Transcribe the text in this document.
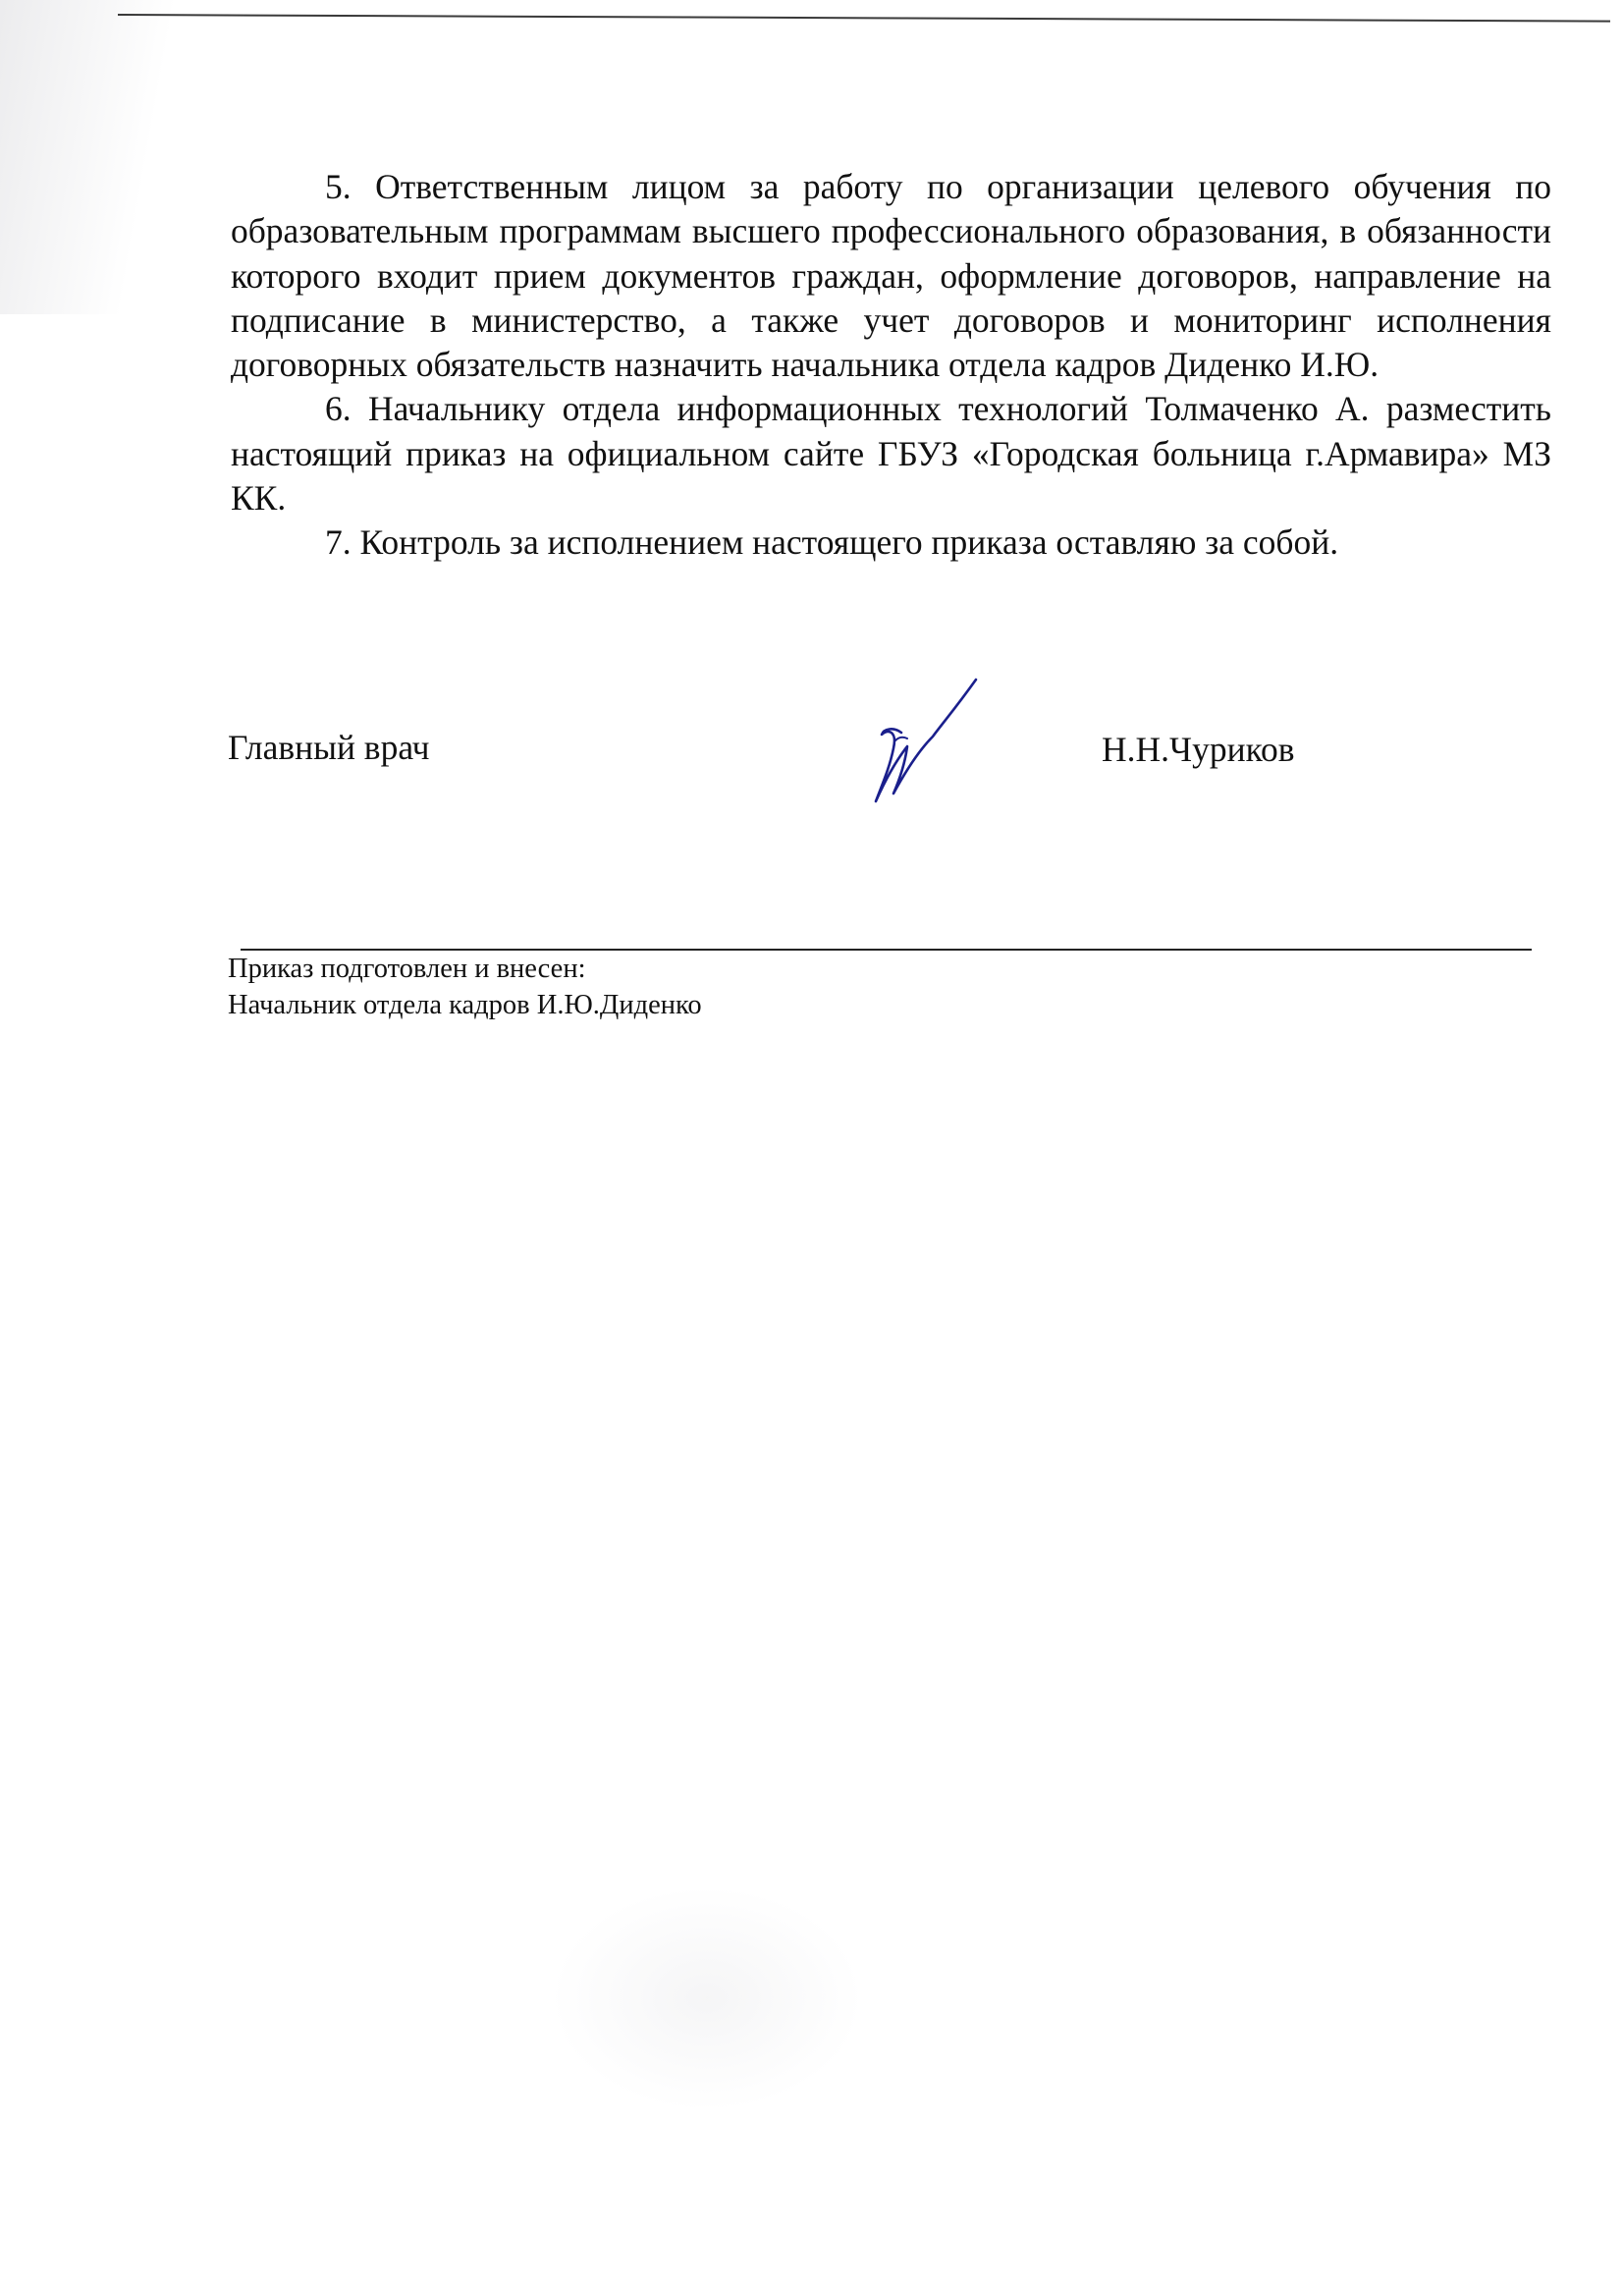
5. Ответственным лицом за работу по организации целевого обучения по образовательным программам высшего профессионального образования, в обязанности которого входит прием документов граждан, оформление договоров, направление на подписание в министерство, а также учет договоров и мониторинг исполнения договорных обязательств назначить начальника отдела кадров Диденко И.Ю.

6. Начальнику отдела информационных технологий Толмаченко А. разместить настоящий приказ на официальном сайте ГБУЗ «Городская больница г.Армавира» МЗ КК.

7. Контроль за исполнением настоящего приказа оставляю за собой.

Главный врач	Н.Н.Чуриков
Приказ подготовлен и внесен:
Начальник отдела кадров И.Ю.Диденко
